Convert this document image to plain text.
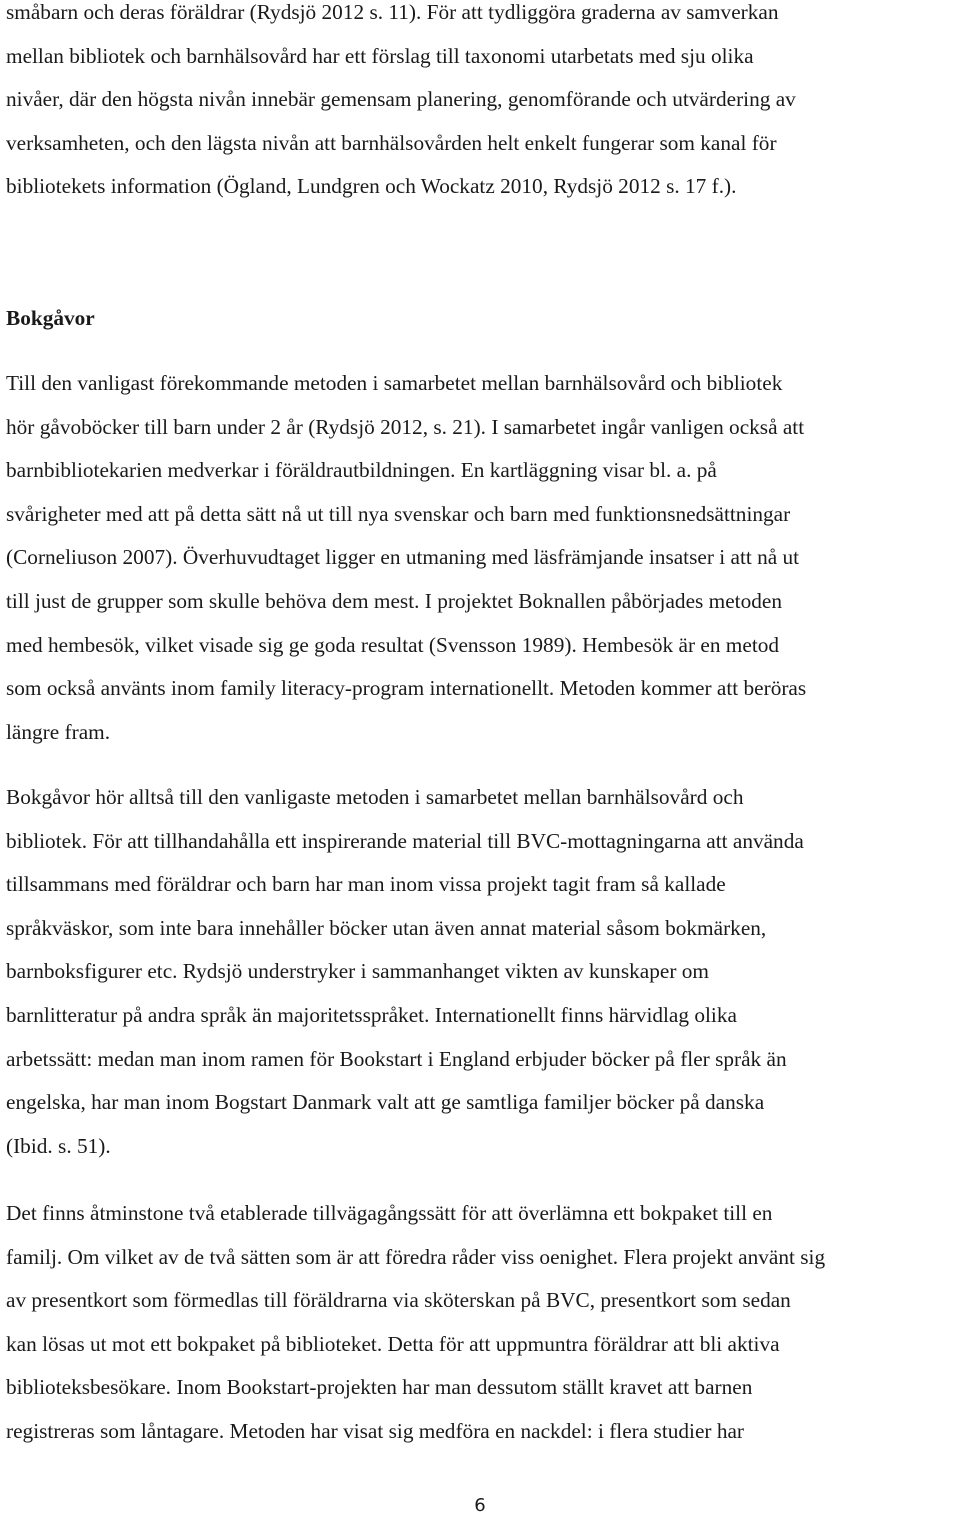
småbarn och deras föräldrar (Rydsjö 2012 s. 11). För att tydliggöra graderna av samverkan
mellan bibliotek och barnhälsovård har ett förslag till taxonomi utarbetats med sju olika
nivåer, där den högsta nivån innebär gemensam planering, genomförande och utvärdering av
verksamheten, och den lägsta nivån att barnhälsovården helt enkelt fungerar som kanal för
bibliotekets information (Ögland, Lundgren och Wockatz 2010, Rydsjö 2012 s. 17 f.).
Bokgåvor
Till den vanligast förekommande metoden i samarbetet mellan barnhälsovård och bibliotek
hör gåvoböcker till barn under 2 år (Rydsjö 2012, s. 21). I samarbetet ingår vanligen också att
barnbibliotekarien medverkar i föräldrautbildningen. En kartläggning visar bl. a. på
svårigheter med att på detta sätt nå ut till nya svenskar och barn med funktionsnedsättningar
(Corneliuson 2007). Överhuvudtaget ligger en utmaning med läsfrämjande insatser i att nå ut
till just de grupper som skulle behöva dem mest. I projektet Boknallen påbörjades metoden
med hembesök, vilket visade sig ge goda resultat (Svensson 1989). Hembesök är en metod
som också använts inom family literacy-program internationellt. Metoden kommer att beröras
längre fram.
Bokgåvor hör alltså till den vanligaste metoden i samarbetet mellan barnhälsovård och
bibliotek. För att tillhandahålla ett inspirerande material till BVC-mottagningarna att använda
tillsammans med föräldrar och barn har man inom vissa projekt tagit fram så kallade
språkväskor, som inte bara innehåller böcker utan även annat material såsom bokmärken,
barnboksfigurer etc. Rydsjö understryker i sammanhanget vikten av kunskaper om
barnlitteratur på andra språk än majoritetsspråket. Internationellt finns härvidlag olika
arbetssätt: medan man inom ramen för Bookstart i England erbjuder böcker på fler språk än
engelska, har man inom Bogstart Danmark valt att ge samtliga familjer böcker på danska
(Ibid. s. 51).
Det finns åtminstone två etablerade tillvägagångssätt för att överlämna ett bokpaket till en
familj. Om vilket av de två sätten som är att föredra råder viss oenighet. Flera projekt använt sig
av presentkort som förmedlas till föräldrarna via sköterskan på BVC, presentkort som sedan
kan lösas ut mot ett bokpaket på biblioteket. Detta för att uppmuntra föräldrar att bli aktiva
biblioteksbesökare. Inom Bookstart-projekten har man dessutom ställt kravet att barnen
registreras som låntagare. Metoden har visat sig medföra en nackdel: i flera studier har
6
